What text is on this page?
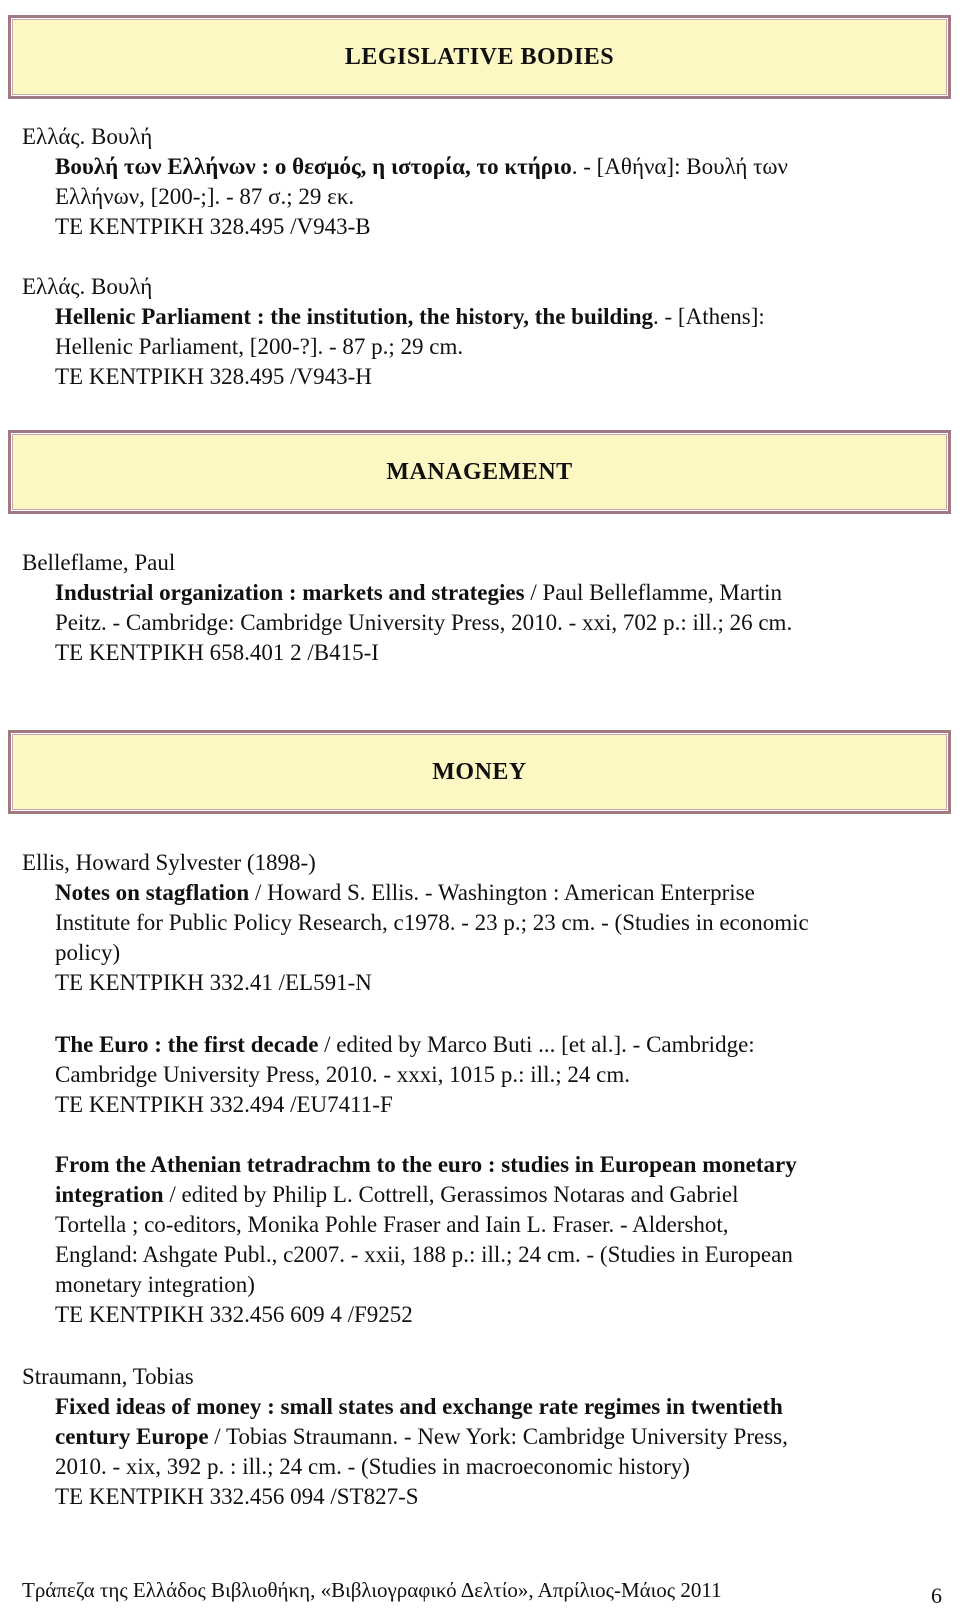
LEGISLATIVE BODIES

Ελλάς. Βουλή

Βουλή των Ελλήνων : ο θεσμός, η ιστορία, το κτήριο. - [Αθήνα]: Βουλή των

Ελλήνων, [200-;]. - 87 σ.; 29 εκ.

ΤΕ ΚΕΝΤΡΙΚΗ 328.495 /V943-B

Ελλάς. Βουλή

Hellenic Parliament : the institution, the history, the building. - [Athens]:

Hellenic Parliament, [200-?]. - 87 p.; 29 cm.

ΤΕ ΚΕΝΤΡΙΚΗ 328.495 /V943-H

MANAGEMENT

Belleflame, Paul

Industrial organization : markets and strategies / Paul Belleflamme, Martin

Peitz. - Cambridge: Cambridge University Press, 2010. - xxi, 702 p.: ill.; 26 cm.

ΤΕ ΚΕΝΤΡΙΚΗ 658.401 2 /B415-I

MONEY

Ellis, Howard Sylvester (1898-)

Notes on stagflation / Howard S. Ellis. - Washington : American Enterprise

Institute for Public Policy Research, c1978. - 23 p.; 23 cm. - (Studies in economic

policy)

ΤΕ ΚΕΝΤΡΙΚΗ 332.41 /EL591-N

The Euro : the first decade / edited by Marco Buti ... [et al.]. - Cambridge:

Cambridge University Press, 2010. - xxxi, 1015 p.: ill.; 24 cm.

ΤΕ ΚΕΝΤΡΙΚΗ 332.494 /EU7411-F

From the Athenian tetradrachm to the euro : studies in European monetary

integration / edited by Philip L. Cottrell, Gerassimos Notaras and Gabriel

Tortella ; co-editors, Monika Pohle Fraser and Iain L. Fraser. - Aldershot,

England: Ashgate Publ., c2007. - xxii, 188 p.: ill.; 24 cm. - (Studies in European

monetary integration)

ΤΕ ΚΕΝΤΡΙΚΗ 332.456 609 4 /F9252

Straumann, Tobias

Fixed ideas of money : small states and exchange rate regimes in twentieth

century Europe / Tobias Straumann. - New York: Cambridge University Press,

2010. - xix, 392 p. : ill.; 24 cm. - (Studies in macroeconomic history)

ΤΕ ΚΕΝΤΡΙΚΗ 332.456 094 /ST827-S

Τράπεζα της Ελλάδος Βιβλιοθήκη, «Βιβλιογραφικό Δελτίο», Απρίλιος-Μάιος 2011	6
